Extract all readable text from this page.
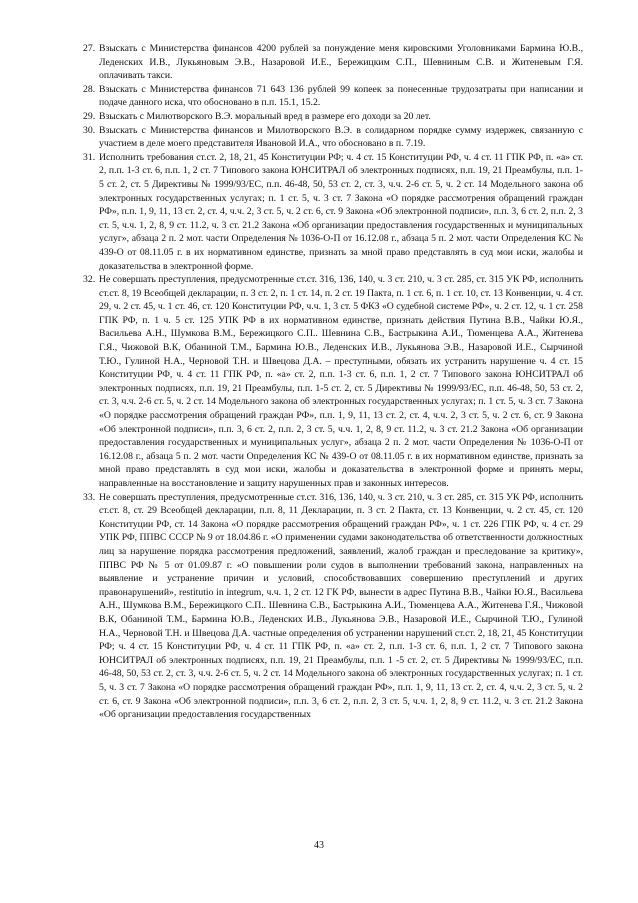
27. Взыскать с Министерства финансов 4200 рублей за понуждение меня кировскими Уголовниками Бармина Ю.В., Леденских И.В., Лукьяновым Э.В., Назаровой И.Е., Бережицким С.П., Шевниным С.В. и Житеневым Г.Я. оплачивать такси.

28. Взыскать с Министерства финансов 71 643 136 рублей 99 копеек за понесенные трудозатраты при написании и подаче данного иска, что обосновано в п.п. 15.1, 15.2.

29. Взыскать с Милютворского В.Э. моральный вред в размере его доходи за 20 лет.

30. Взыскать с Министерства финансов и Милотворского В.Э. в солидарном порядке сумму издержек, связанную с участием в деле моего представителя Ивановой И.А., что обосновано в п. 7.19.

31. Исполнить требования ст.ст. 2, 18, 21, 45 Конституции РФ; ч. 4 ст. 15 Конституции РФ, ч. 4 ст. 11 ГПК РФ, п. «а» ст. 2, п.п. 1-3 ст. 6, п.п. 1, 2 ст. 7 Типового закона ЮНСИТРАЛ об электронных подписях, п.п. 19, 21 Преамбулы, п.п. 1-5 ст. 2, ст. 5 Директивы № 1999/93/ЕС, п.п. 46-48, 50, 53 ст. 2, ст. 3, ч.ч. 2-6 ст. 5, ч. 2 ст. 14 Модельного закона об электронных государственных услугах; п. 1 ст. 5, ч. 3 ст. 7 Закона «О порядке рассмотрения обращений граждан РФ», п.п. 1, 9, 11, 13 ст. 2, ст. 4, ч.ч. 2, 3 ст. 5, ч. 2 ст. 6, ст. 9 Закона «Об электронной подписи», п.п. 3, 6 ст. 2, п.п. 2, 3 ст. 5, ч.ч. 1, 2, 8, 9 ст. 11.2, ч. 3 ст. 21.2 Закона «Об организации предоставления государственных и муниципальных услуг», абзаца 2 п. 2 мот. части Определения № 1036-О-П от 16.12.08 г., абзаца 5 п. 2 мот. части Определения КС № 439-О от 08.11.05 г. в их нормативном единстве, признать за мной право представлять в суд мои иски, жалобы и доказательства в электронной форме.

32. Не совершать преступления, предусмотренные ст.ст. 316, 136, 140, ч. 3 ст. 210, ч. 3 ст. 285, ст. 315 УК РФ, исполнить ст.ст. 8, 19 Всеобщей декларации, п. 3 ст. 2, п. 1 ст. 14, п. 2 ст. 19 Пакта, п. 1 ст. 6, п. 1 ст. 10, ст. 13 Конвенции, ч. 4 ст. 29, ч. 2 ст. 45, ч. 1 ст. 46, ст. 120 Конституции РФ, ч.ч. 1, 3 ст. 5 ФКЗ «О судебной системе РФ», ч. 2 ст. 12, ч. 1 ст. 258 ГПК РФ, п. 1 ч. 5 ст. 125 УПК РФ в их нормативном единстве, признать действия Путина В.В., Чайки Ю.Я., Васильева А.Н., Шумкова В.М., Бережицкого С.П.. Шевнина С.В., Бастрыкина А.И., Тюменцева А.А., Житенева Г.Я., Чижовой В.К, Обаниной Т.М., Бармина Ю.В., Леденских И.В., Лукьянова Э.В., Назаровой И.Е., Сырчиной Т.Ю., Гулиной Н.А., Черновой Т.Н. и Швецова Д.А. – преступными, обязать их устранить нарушение ч. 4 ст. 15 Конституции РФ, ч. 4 ст. 11 ГПК РФ, п. «а» ст. 2, п.п. 1-3 ст. 6, п.п. 1, 2 ст. 7 Типового закона ЮНСИТРАЛ об электронных подписях, п.п. 19, 21 Преамбулы, п.п. 1-5 ст. 2, ст. 5 Директивы № 1999/93/ЕС, п.п. 46-48, 50, 53 ст. 2, ст. 3, ч.ч. 2-6 ст. 5, ч. 2 ст. 14 Модельного закона об электронных государственных услугах; п. 1 ст. 5, ч. 3 ст. 7 Закона «О порядке рассмотрения обращений граждан РФ», п.п. 1, 9, 11, 13 ст. 2, ст. 4, ч.ч. 2, 3 ст. 5, ч. 2 ст. 6, ст. 9 Закона «Об электронной подписи», п.п. 3, 6 ст. 2, п.п. 2, 3 ст. 5, ч.ч. 1, 2, 8, 9 ст. 11.2, ч. 3 ст. 21.2 Закона «Об организации предоставления государственных и муниципальных услуг», абзаца 2 п. 2 мот. части Определения № 1036-О-П от 16.12.08 г., абзаца 5 п. 2 мот. части Определения КС № 439-О от 08.11.05 г. в их нормативном единстве, признать за мной право представлять в суд мои иски, жалобы и доказательства в электронной форме и принять меры, направленные на восстановление и защиту нарушенных прав и законных интересов.

33. Не совершать преступления, предусмотренные ст.ст. 316, 136, 140, ч. 3 ст. 210, ч. 3 ст. 285, ст. 315 УК РФ, исполнить ст.ст. 8, ст. 29 Всеобщей декларации, п.п. 8, 11 Декларации, п. 3 ст. 2 Пакта, ст. 13 Конвенции, ч. 2 ст. 45, ст. 120 Конституции РФ, ст. 14 Закона «О порядке рассмотрения обращений граждан РФ», ч. 1 ст. 226 ГПК РФ, ч. 4 ст. 29 УПК РФ, ППВС СССР № 9 от 18.04.86 г. «О применении судами законодательства об ответственности должностных лиц за нарушение порядка рассмотрения предложений, заявлений, жалоб граждан и преследование за критику», ППВС РФ № 5 от 01.09.87 г. «О повышении роли судов в выполнении требований закона, направленных на выявление и устранение причин и условий, способствовавших совершению преступлений и других правонарушений», restitutio in integrum, ч.ч. 1, 2 ст. 12 ГК РФ, вынести в адрес Путина В.В., Чайки Ю.Я., Васильева А.Н., Шумкова В.М., Бережицкого С.П.. Шевнина С.В., Бастрыкина А.И., Тюменцева А.А., Житенева Г.Я., Чижовой В.К, Обаниной Т.М., Бармина Ю.В., Леденских И.В., Лукьянова Э.В., Назаровой И.Е., Сырчиной Т.Ю., Гулиной Н.А., Черновой Т.Н. и Швецова Д.А. частные определения об устранении нарушений ст.ст. 2, 18, 21, 45 Конституции РФ; ч. 4 ст. 15 Конституции РФ, ч. 4 ст. 11 ГПК РФ, п. «а» ст. 2, п.п. 1-3 ст. 6, п.п. 1, 2 ст. 7 Типового закона ЮНСИТРАЛ об электронных подписях, п.п. 19, 21 Преамбулы, п.п. 1 -5 ст. 2, ст. 5 Директивы № 1999/93/ЕС, п.п. 46-48, 50, 53 ст. 2, ст. 3, ч.ч. 2-6 ст. 5, ч. 2 ст. 14 Модельного закона об электронных государственных услугах; п. 1 ст. 5, ч. 3 ст. 7 Закона «О порядке рассмотрения обращений граждан РФ», п.п. 1, 9, 11, 13 ст. 2, ст. 4, ч.ч. 2, 3 ст. 5, ч. 2 ст. 6, ст. 9 Закона «Об электронной подписи», п.п. 3, 6 ст. 2, п.п. 2, 3 ст. 5, ч.ч. 1, 2, 8, 9 ст. 11.2, ч. 3 ст. 21.2 Закона «Об организации предоставления государственных

43
